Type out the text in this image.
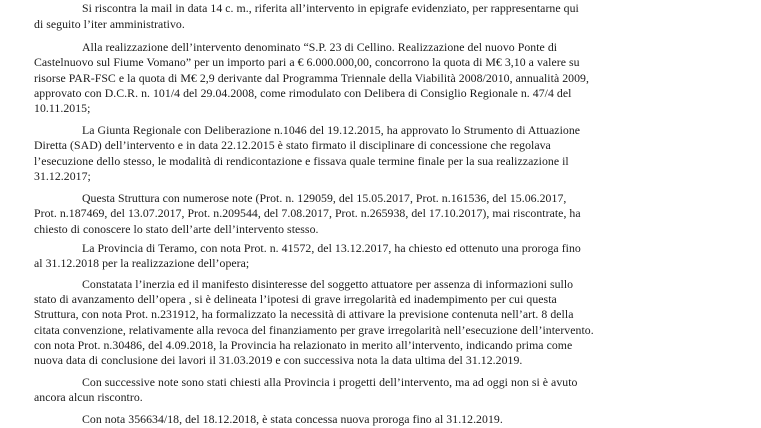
Si riscontra la mail in data 14 c. m., riferita all’intervento in epigrafe evidenziato, per rappresentarne qui
di seguito l’iter amministrativo.
Alla realizzazione dell’intervento denominato “S.P. 23 di Cellino. Realizzazione del nuovo Ponte di
Castelnuovo sul Fiume Vomano” per un importo pari a € 6.000.000,00, concorrono la quota di M€ 3,10 a valere su
risorse PAR-FSC e la quota di M€ 2,9 derivante dal Programma Triennale della Viabilità 2008/2010, annualità 2009,
approvato con D.C.R. n. 101/4 del 29.04.2008, come rimodulato con Delibera di Consiglio Regionale n. 47/4 del
10.11.2015;
La Giunta Regionale con Deliberazione n.1046 del 19.12.2015, ha approvato lo Strumento di Attuazione
Diretta (SAD) dell’intervento e in data 22.12.2015 è stato firmato il disciplinare di concessione che regolava
l’esecuzione dello stesso, le modalità di rendicontazione e fissava quale termine finale per la sua realizzazione il
31.12.2017;
Questa Struttura con numerose note (Prot. n. 129059, del 15.05.2017, Prot. n.161536, del 15.06.2017,
Prot. n.187469, del 13.07.2017, Prot. n.209544, del 7.08.2017, Prot. n.265938, del 17.10.2017), mai riscontrate, ha
chiesto di conoscere lo stato dell’arte dell’intervento stesso.
La Provincia di Teramo, con nota Prot. n. 41572, del 13.12.2017, ha chiesto ed ottenuto una proroga fino
al 31.12.2018 per la realizzazione dell’opera;
Constatata l’inerzia ed il manifesto disinteresse del soggetto attuatore per assenza di informazioni sullo
stato di avanzamento dell’opera , si è delineata l’ipotesi di grave irregolarità ed inadempimento per cui questa
Struttura, con nota Prot. n.231912, ha formalizzato la necessità di attivare la previsione contenuta nell’art. 8 della
citata convenzione, relativamente alla revoca del finanziamento per grave irregolarità nell’esecuzione dell’intervento.
con nota Prot. n.30486, del 4.09.2018, la Provincia ha relazionato in merito all’intervento, indicando prima come
nuova data di conclusione dei lavori il 31.03.2019 e con successiva nota la data ultima del 31.12.2019.
Con successive note sono stati chiesti alla Provincia i progetti dell’intervento, ma ad oggi non si è avuto
ancora alcun riscontro.
Con nota 356634/18, del 18.12.2018, è stata concessa nuova proroga fino al 31.12.2019.
